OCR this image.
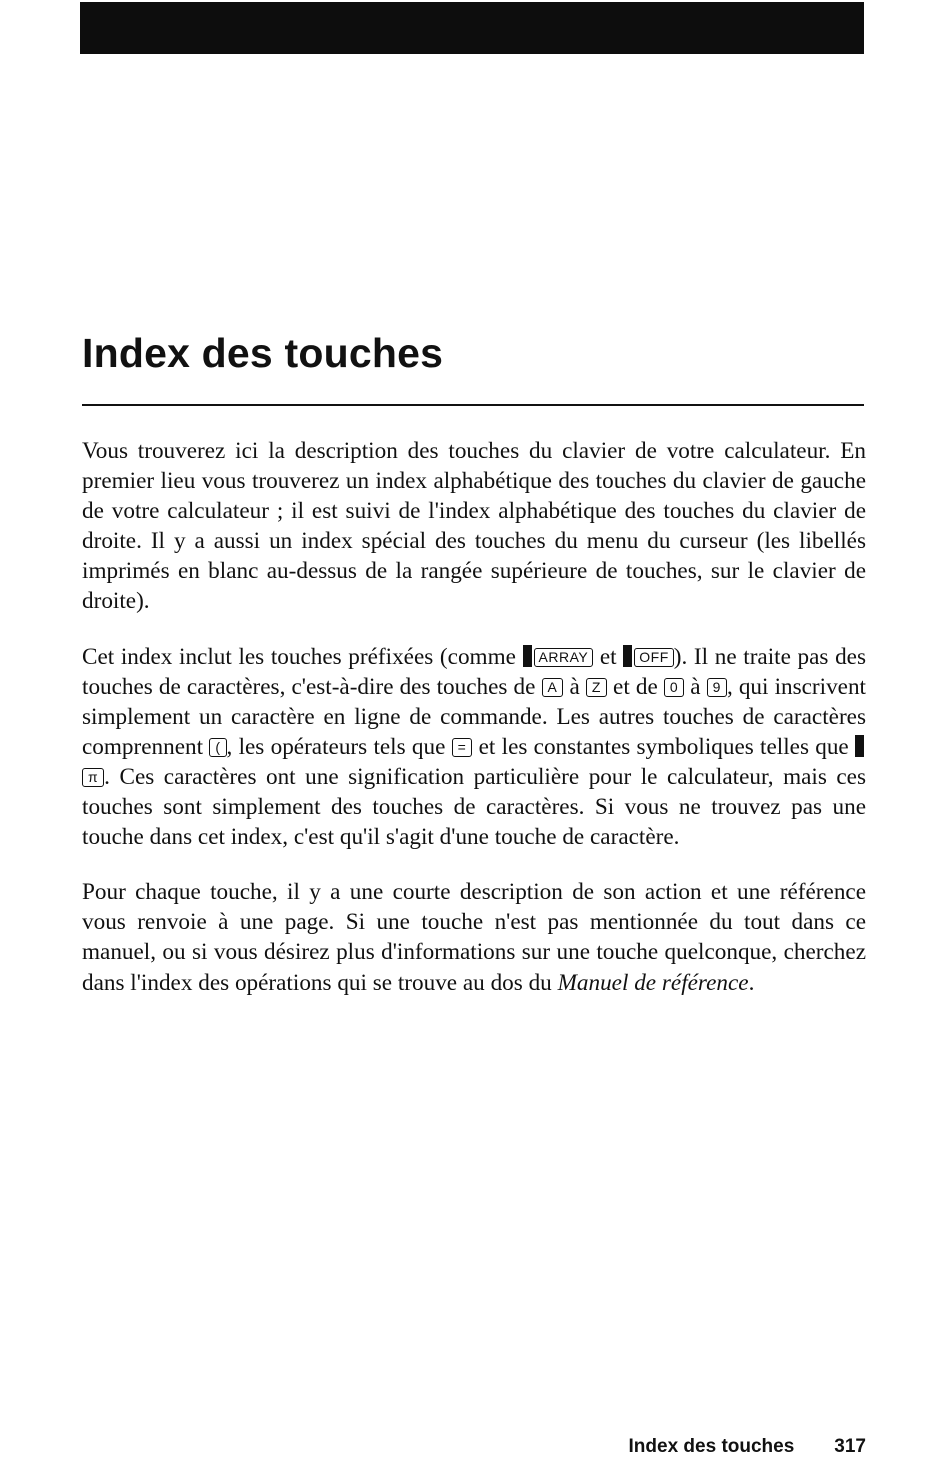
Index des touches

Vous trouverez ici la description des touches du clavier de votre calculateur. En premier lieu vous trouverez un index alphabétique des touches du clavier de gauche de votre calculateur ; il est suivi de l'index alphabétique des touches du clavier de droite. Il y a aussi un index spécial des touches du menu du curseur (les libellés imprimés en blanc au-dessus de la rangée supérieure de touches, sur le clavier de droite).

Cet index inclut les touches préfixées (comme ARRAY et OFF ). Il ne traite pas des touches de caractères, c'est-à-dire des touches de A à Z et de 0 à 9 , qui inscrivent simplement un caractère en ligne de commande. Les autres touches de caractères comprennent ( , les opérateurs tels que = et les constantes symboliques telles que π . Ces caractères ont une signification particulière pour le calculateur, mais ces touches sont simplement des touches de caractères. Si vous ne trouvez pas une touche dans cet index, c'est qu'il s'agit d'une touche de caractère.

Pour chaque touche, il y a une courte description de son action et une référence vous renvoie à une page. Si une touche n'est pas mentionnée du tout dans ce manuel, ou si vous désirez plus d'informations sur une touche quelconque, cherchez dans l'index des opérations qui se trouve au dos du Manuel de référence.

Index des touches 317
